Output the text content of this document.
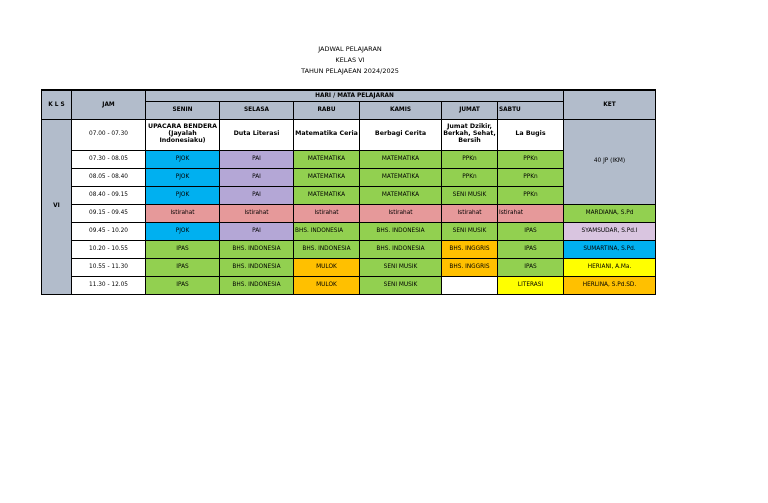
JADWAL PELAJARAN
KELAS VI
TAHUN PELAJAEAN 2024/2025
K L S	JAM	HARI / MATA PELAJARAN						KET
		SENIN	SELASA	RABU	KAMIS	JUMAT	SABTU	
VI	07.00 - 07.30	UPACARA BENDERA (Jayalah Indonesiaku)	Duta Literasi	Matematika Ceria	Berbagi Cerita	Jumat Dzikir, Berkah, Sehat, Bersih	La Bugis	40 JP (IKM)
	07.30 - 08.05	PJOK	PAI	MATEMATIKA	MATEMATIKA	PPKn	PPKn	
	08.05 - 08.40	PJOK	PAI	MATEMATIKA	MATEMATIKA	PPKn	PPKn	
	08.40 - 09.15	PJOK	PAI	MATEMATIKA	MATEMATIKA	SENI MUSIK	PPKn	
	09.15 - 09.45	Istirahat	Istirahat	Istirahat	Istirahat	Istirahat	Istirahat	MARDIANA, S.Pd
	09.45 - 10.20	PJOK	PAI	BHS. INDONESIA	BHS. INDONESIA	SENI MUSIK	IPAS	SYAMSUDAR, S.Pd.I
	10.20 - 10.55	IPAS	BHS. INDONESIA	BHS. INDONESIA	BHS. INDONESIA	BHS. INGGRIS	IPAS	SUMARTINA, S.Pd.
	10.55 - 11.30	IPAS	BHS. INDONESIA	MULOK	SENI MUSIK	BHS. INGGRIS	IPAS	HERIANI, A.Ma.
	11.30 - 12.05	IPAS	BHS. INDONESIA	MULOK	SENI MUSIK		LITERASI	HERLINA, S.Pd.SD.
